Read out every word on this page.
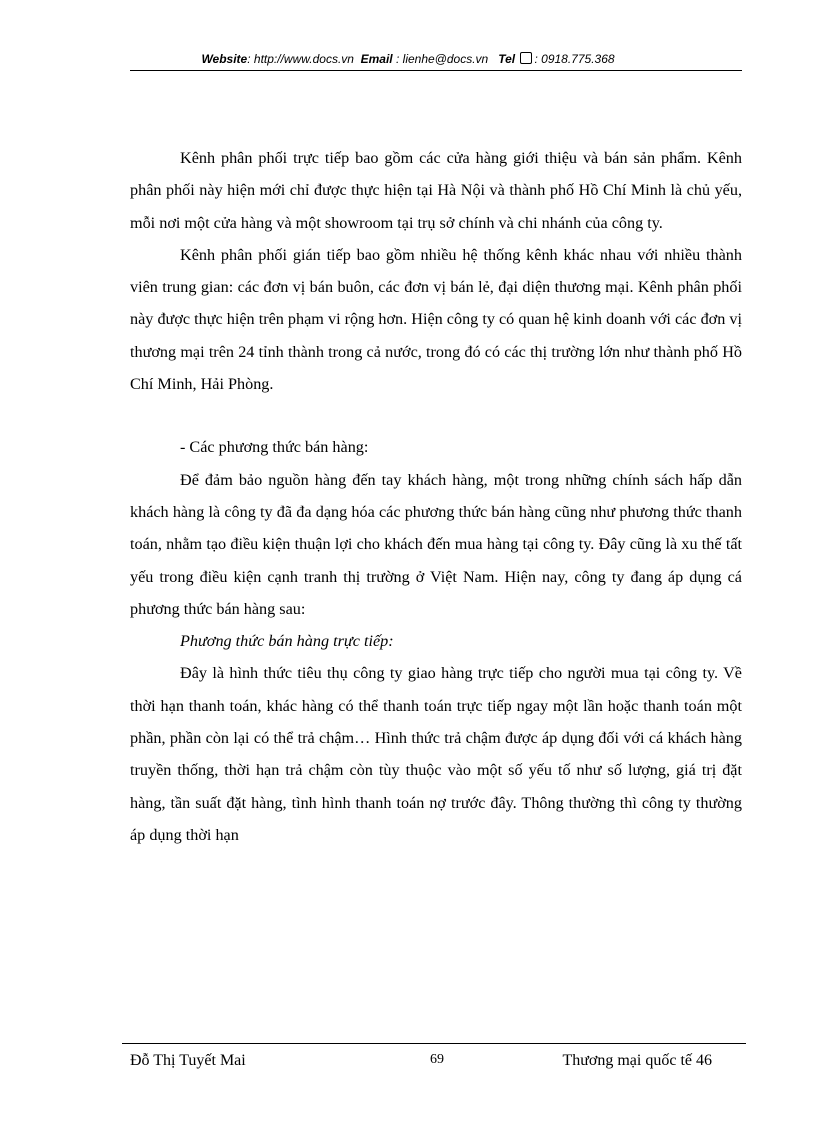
Website: http://www.docs.vn Email : lienhe@docs.vn Tel : 0918.775.368

Kênh phân phối trực tiếp bao gồm các cửa hàng giới thiệu và bán sản phẩm. Kênh phân phối này hiện mới chỉ được thực hiện tại Hà Nội và thành phố Hồ Chí Minh là chủ yếu, mỗi nơi một cửa hàng và một showroom tại trụ sở chính và chi nhánh của công ty.

Kênh phân phối gián tiếp bao gồm nhiều hệ thống kênh khác nhau với nhiều thành viên trung gian: các đơn vị bán buôn, các đơn vị bán lẻ, đại diện thương mại. Kênh phân phối này được thực hiện trên phạm vi rộng hơn. Hiện công ty có quan hệ kinh doanh với các đơn vị thương mại trên 24 tỉnh thành trong cả nước, trong đó có các thị trường lớn như thành phố Hồ Chí Minh, Hải Phòng.

- Các phương thức bán hàng:

Để đảm bảo nguồn hàng đến tay khách hàng, một trong những chính sách hấp dẫn khách hàng là công ty đã đa dạng hóa các phương thức bán hàng cũng như phương thức thanh toán, nhằm tạo điều kiện thuận lợi cho khách đến mua hàng tại công ty. Đây cũng là xu thế tất yếu trong điều kiện cạnh tranh thị trường ở Việt Nam. Hiện nay, công ty đang áp dụng cá phương thức bán hàng sau:

Phương thức bán hàng trực tiếp:

Đây là hình thức tiêu thụ công ty giao hàng trực tiếp cho người mua tại công ty. Về thời hạn thanh toán, khác hàng có thể thanh toán trực tiếp ngay một lần hoặc thanh toán một phần, phần còn lại có thể trả chậm… Hình thức trả chậm được áp dụng đối với cá khách hàng truyền thống, thời hạn trả chậm còn tùy thuộc vào một số yếu tố như số lượng, giá trị đặt hàng, tần suất đặt hàng, tình hình thanh toán nợ trước đây. Thông thường thì công ty thường áp dụng thời hạn

Đỗ Thị Tuyết Mai	69	Thương mại quốc tế 46
